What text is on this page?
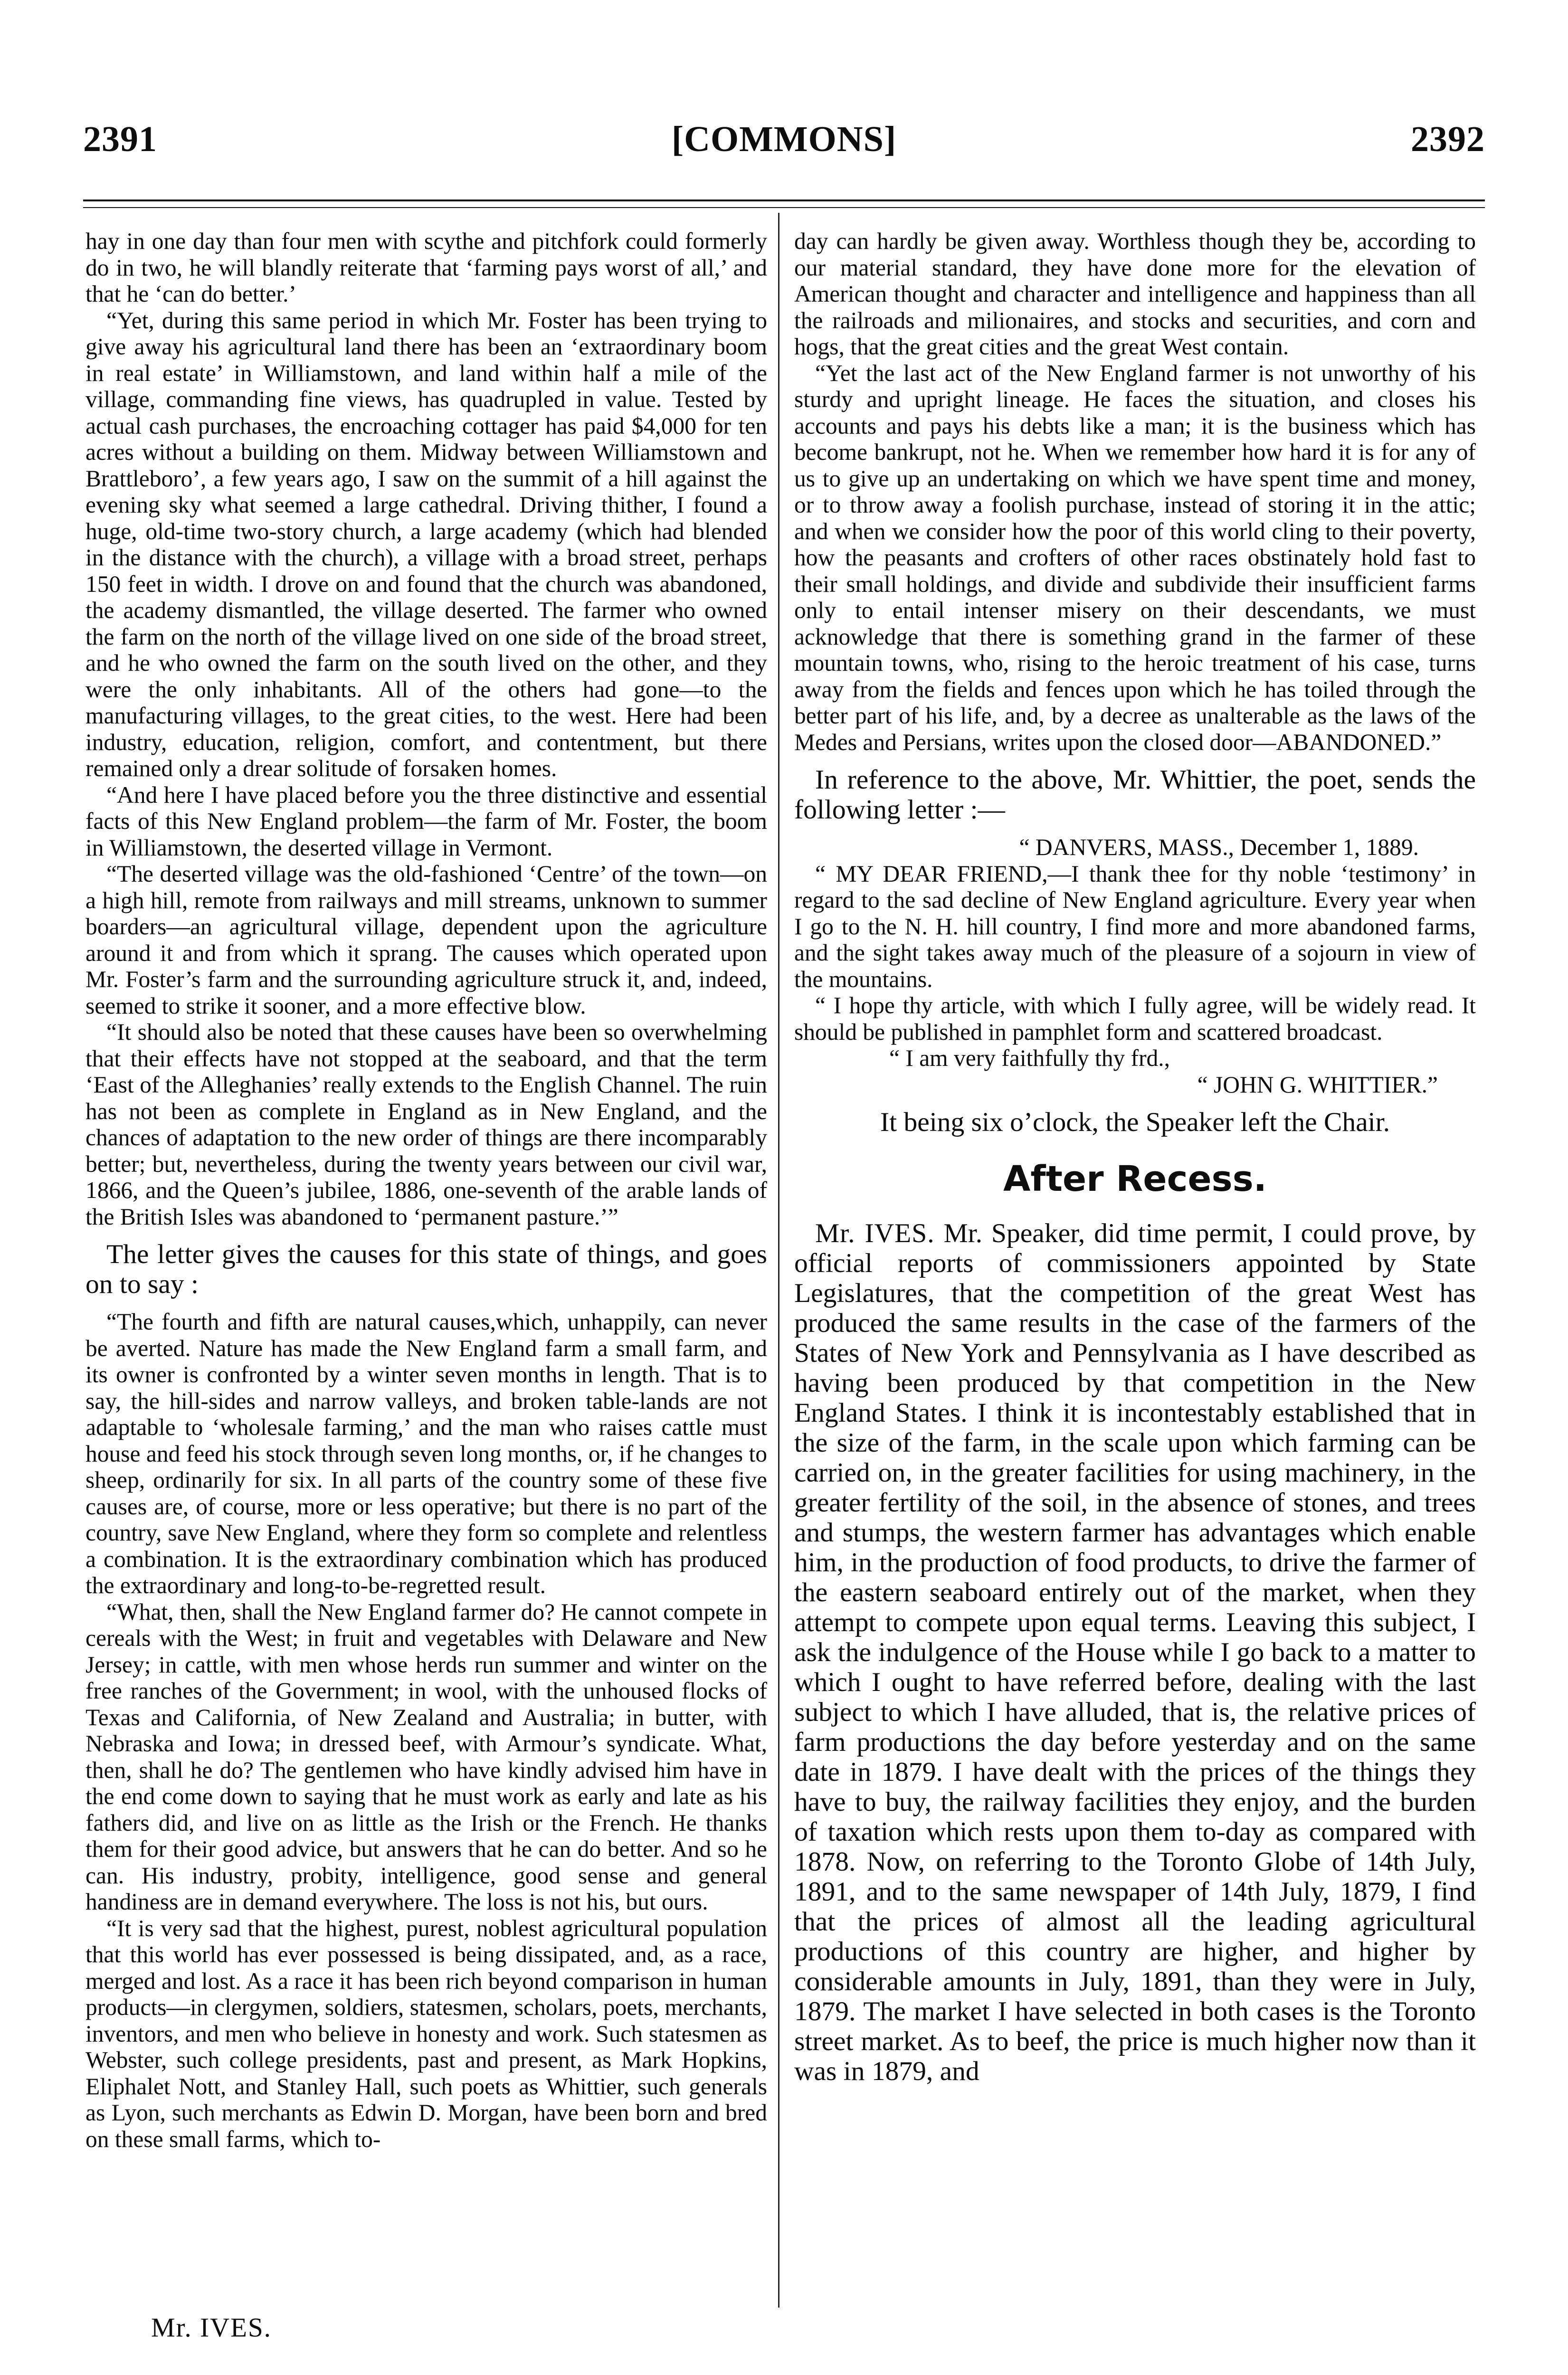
2391	[COMMONS]	2392

hay in one day than four men with scythe and pitchfork could formerly do in two, he will blandly reiterate that ‘farming pays worst of all,’ and that he ‘can do better.’

“Yet, during this same period in which Mr. Foster has been trying to give away his agricultural land there has been an ‘extraordinary boom in real estate’ in Williamstown, and land within half a mile of the village, commanding fine views, has quadrupled in value. Tested by actual cash purchases, the encroaching cottager has paid $4,000 for ten acres without a building on them. Midway between Williamstown and Brattleboro’, a few years ago, I saw on the summit of a hill against the evening sky what seemed a large cathedral. Driving thither, I found a huge, old-time two-story church, a large academy (which had blended in the distance with the church), a village with a broad street, perhaps 150 feet in width. I drove on and found that the church was abandoned, the academy dismantled, the village deserted. The farmer who owned the farm on the north of the village lived on one side of the broad street, and he who owned the farm on the south lived on the other, and they were the only inhabitants. All of the others had gone—to the manufacturing villages, to the great cities, to the west. Here had been industry, education, religion, comfort, and contentment, but there remained only a drear solitude of forsaken homes.

“And here I have placed before you the three distinctive and essential facts of this New England problem—the farm of Mr. Foster, the boom in Williamstown, the deserted village in Vermont.

“The deserted village was the old-fashioned ‘Centre’ of the town—on a high hill, remote from railways and mill streams, unknown to summer boarders—an agricultural village, dependent upon the agriculture around it and from which it sprang. The causes which operated upon Mr. Foster’s farm and the surrounding agriculture struck it, and, indeed, seemed to strike it sooner, and a more effective blow.

“It should also be noted that these causes have been so overwhelming that their effects have not stopped at the seaboard, and that the term ‘East of the Alleghanies’ really extends to the English Channel. The ruin has not been as complete in England as in New England, and the chances of adaptation to the new order of things are there incomparably better; but, nevertheless, during the twenty years between our civil war, 1866, and the Queen’s jubilee, 1886, one-seventh of the arable lands of the British Isles was abandoned to ‘permanent pasture.’”

The letter gives the causes for this state of things, and goes on to say :

“The fourth and fifth are natural causes,which, unhappily, can never be averted. Nature has made the New England farm a small farm, and its owner is confronted by a winter seven months in length. That is to say, the hill-sides and narrow valleys, and broken table-lands are not adaptable to ‘wholesale farming,’ and the man who raises cattle must house and feed his stock through seven long months, or, if he changes to sheep, ordinarily for six. In all parts of the country some of these five causes are, of course, more or less operative; but there is no part of the country, save New England, where they form so complete and relentless a combination. It is the extraordinary combination which has produced the extraordinary and long-to-be-regretted result.

“What, then, shall the New England farmer do? He cannot compete in cereals with the West; in fruit and vegetables with Delaware and New Jersey; in cattle, with men whose herds run summer and winter on the free ranches of the Government; in wool, with the unhoused flocks of Texas and California, of New Zealand and Australia; in butter, with Nebraska and Iowa; in dressed beef, with Armour’s syndicate. What, then, shall he do? The gentlemen who have kindly advised him have in the end come down to saying that he must work as early and late as his fathers did, and live on as little as the Irish or the French. He thanks them for their good advice, but answers that he can do better. And so he can. His industry, probity, intelligence, good sense and general handiness are in demand everywhere. The loss is not his, but ours.

“It is very sad that the highest, purest, noblest agricultural population that this world has ever possessed is being dissipated, and, as a race, merged and lost. As a race it has been rich beyond comparison in human products—in clergymen, soldiers, statesmen, scholars, poets, merchants, inventors, and men who believe in honesty and work. Such statesmen as Webster, such college presidents, past and present, as Mark Hopkins, Eliphalet Nott, and Stanley Hall, such poets as Whittier, such generals as Lyon, such merchants as Edwin D. Morgan, have been born and bred on these small farms, which to-

day can hardly be given away. Worthless though they be, according to our material standard, they have done more for the elevation of American thought and character and intelligence and happiness than all the railroads and milionaires, and stocks and securities, and corn and hogs, that the great cities and the great West contain.

“Yet the last act of the New England farmer is not unworthy of his sturdy and upright lineage. He faces the situation, and closes his accounts and pays his debts like a man; it is the business which has become bankrupt, not he. When we remember how hard it is for any of us to give up an undertaking on which we have spent time and money, or to throw away a foolish purchase, instead of storing it in the attic; and when we consider how the poor of this world cling to their poverty, how the peasants and crofters of other races obstinately hold fast to their small holdings, and divide and subdivide their insufficient farms only to entail intenser misery on their descendants, we must acknowledge that there is something grand in the farmer of these mountain towns, who, rising to the heroic treatment of his case, turns away from the fields and fences upon which he has toiled through the better part of his life, and, by a decree as unalterable as the laws of the Medes and Persians, writes upon the closed door—ABANDONED.”

In reference to the above, Mr. Whittier, the poet, sends the following letter :—

“ DANVERS, MASS., December 1, 1889.

“ MY DEAR FRIEND,—I thank thee for thy noble ‘testimony’ in regard to the sad decline of New England agriculture. Every year when I go to the N. H. hill country, I find more and more abandoned farms, and the sight takes away much of the pleasure of a sojourn in view of the mountains.

“ I hope thy article, with which I fully agree, will be widely read. It should be published in pamphlet form and scattered broadcast.

“ I am very faithfully thy frd.,

“ JOHN G. WHITTIER.”

It being six o’clock, the Speaker left the Chair.

After Recess.

Mr. IVES. Mr. Speaker, did time permit, I could prove, by official reports of commissioners appointed by State Legislatures, that the competition of the great West has produced the same results in the case of the farmers of the States of New York and Pennsylvania as I have described as having been produced by that competition in the New England States. I think it is incontestably established that in the size of the farm, in the scale upon which farming can be carried on, in the greater facilities for using machinery, in the greater fertility of the soil, in the absence of stones, and trees and stumps, the western farmer has advantages which enable him, in the production of food products, to drive the farmer of the eastern seaboard entirely out of the market, when they attempt to compete upon equal terms. Leaving this subject, I ask the indulgence of the House while I go back to a matter to which I ought to have referred before, dealing with the last subject to which I have alluded, that is, the relative prices of farm productions the day before yesterday and on the same date in 1879. I have dealt with the prices of the things they have to buy, the railway facilities they enjoy, and the burden of taxation which rests upon them to-day as compared with 1878. Now, on referring to the Toronto Globe of 14th July, 1891, and to the same newspaper of 14th July, 1879, I find that the prices of almost all the leading agricultural productions of this country are higher, and higher by considerable amounts in July, 1891, than they were in July, 1879. The market I have selected in both cases is the Toronto street market. As to beef, the price is much higher now than it was in 1879, and

Mr. IVES.
